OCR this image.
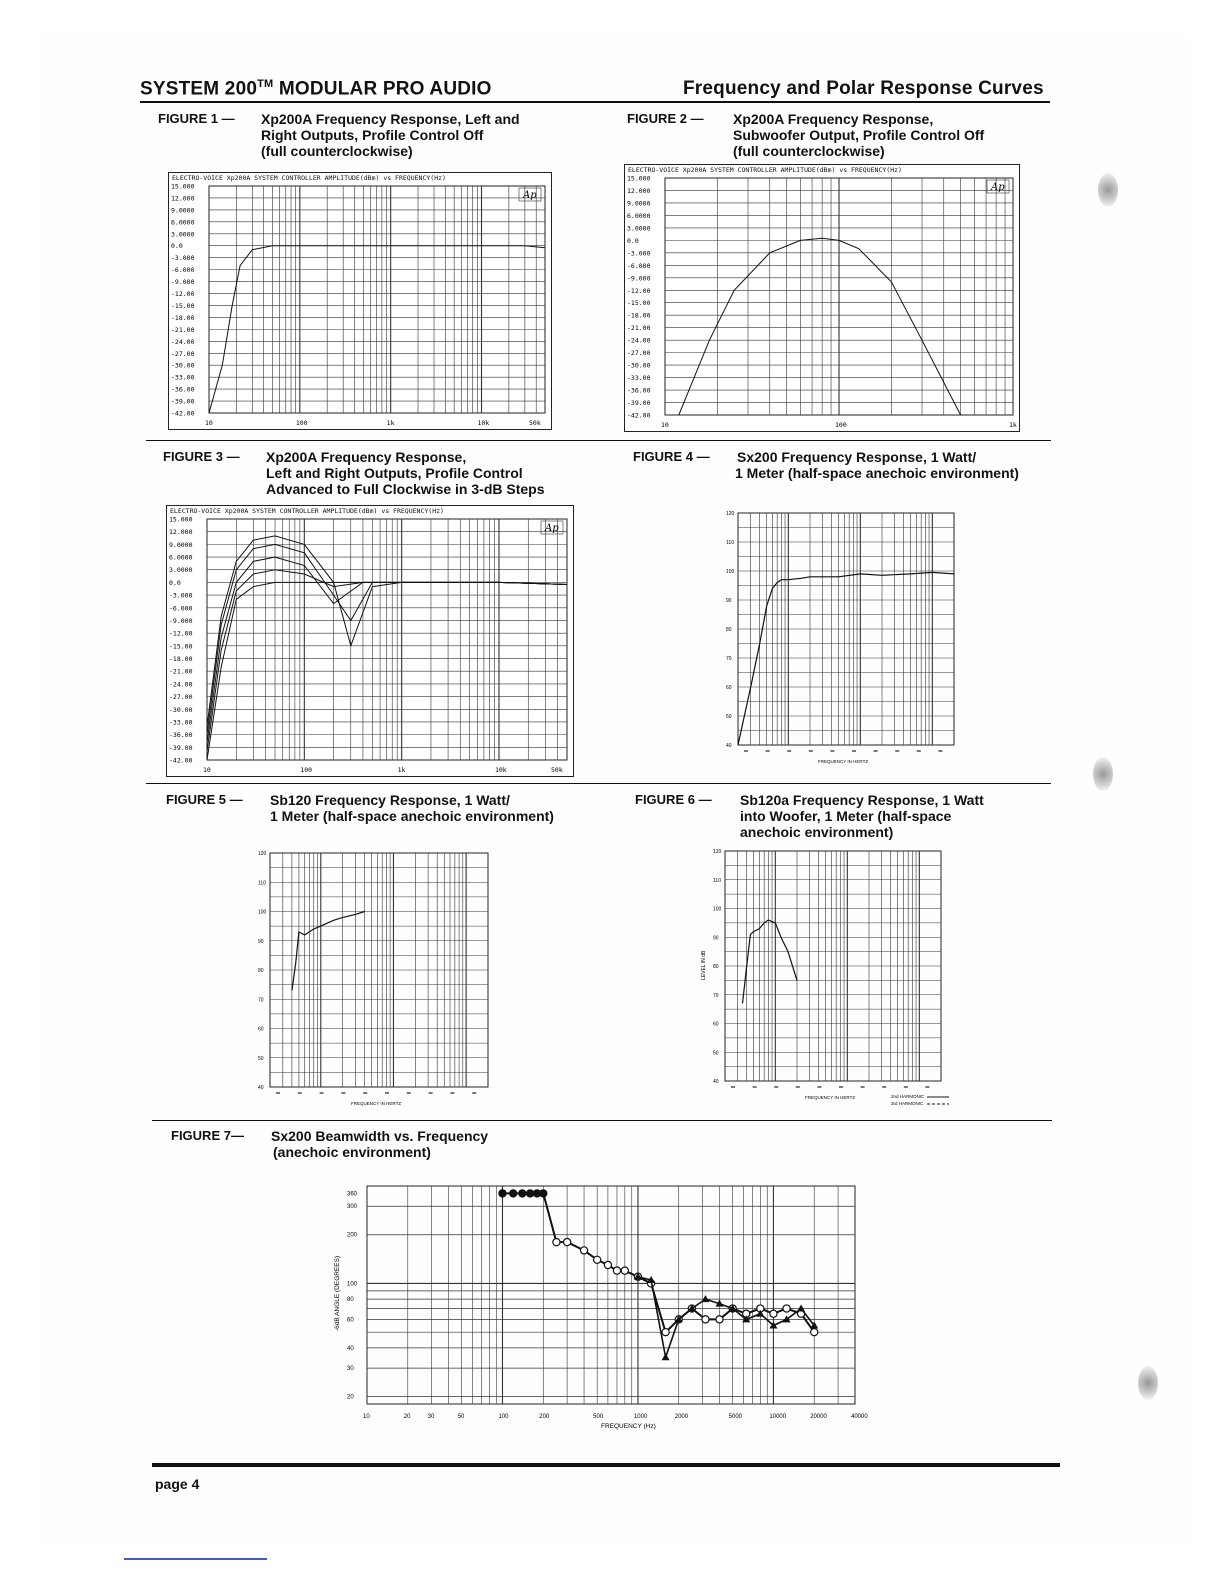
SYSTEM 200™ MODULAR PRO AUDIO	Frequency and Polar Response Curves
FIGURE 1 — Xp200A Frequency Response, Left and
Right Outputs, Profile Control Off
(full counterclockwise)
FIGURE 2 — Xp200A Frequency Response,
Subwoofer Output, Profile Control Off
(full counterclockwise)
FIGURE 3 — Xp200A Frequency Response,
Left and Right Outputs, Profile Control
Advanced to Full Clockwise in 3-dB Steps
FIGURE 4 — Sx200 Frequency Response, 1 Watt/
1 Meter (half-space anechoic environment)
FIGURE 5 — Sb120 Frequency Response, 1 Watt/
1 Meter (half-space anechoic environment)
FIGURE 6 — Sb120a Frequency Response, 1 Watt
into Woofer, 1 Meter (half-space
anechoic environment)
FIGURE 7— Sx200 Beamwidth vs. Frequency
(anechoic environment)
ELECTRO-VOICE Xp200A SYSTEM CONTROLLER AMPLITUDE(dBm) vs FREQUENCY(Hz)
15.000
12.000
9.0000
6.0000
3.0000
0.0
-3.000
-6.000
-9.000
-12.00
-15.00
-18.00
-21.00
-24.00
-27.00
-30.00
-33.00
-36.00
-39.00
-42.00
10	100	1k	10k	50k
Ap
ELECTRO-VOICE Xp200A SYSTEM CONTROLLER AMPLITUDE(dBm) vs FREQUENCY(Hz)
15.000
12.000
9.0000
6.0000
3.0000
0.0
-3.000
-6.000
-9.000
-12.00
-15.00
-18.00
-21.00
-24.00
-27.00
-30.00
-33.00
-36.00
-39.00
-42.00
10	100	1k
Ap
ELECTRO-VOICE Xp200A SYSTEM CONTROLLER AMPLITUDE(dBm) vs FREQUENCY(Hz)
15.000
12.000
9.0000
6.0000
3.0000
0.0
-3.000
-6.000
-9.000
-12.00
-15.00
-18.00
-21.00
-24.00
-27.00
-30.00
-33.00
-36.00
-39.00
-42.00
10	100	1k	10k	50k
Ap
120
110
100
90
80
70
60
50
40
FREQUENCY IN HERTZ
120
110
100
90
80
70
60
50
40
FREQUENCY IN HERTZ
120
110
100
90
80
70
60
50
40
FREQUENCY IN HERTZ
LEVEL IN dB
2nd HARMONIC
3rd HARMONIC
360
300
200
100
80
60
40
30
20
10	20	30	50	100	200	500	1000	2000	5000	10000	20000	40000
FREQUENCY (Hz)
-6dB ANGLE (DEGREES)
page 4
